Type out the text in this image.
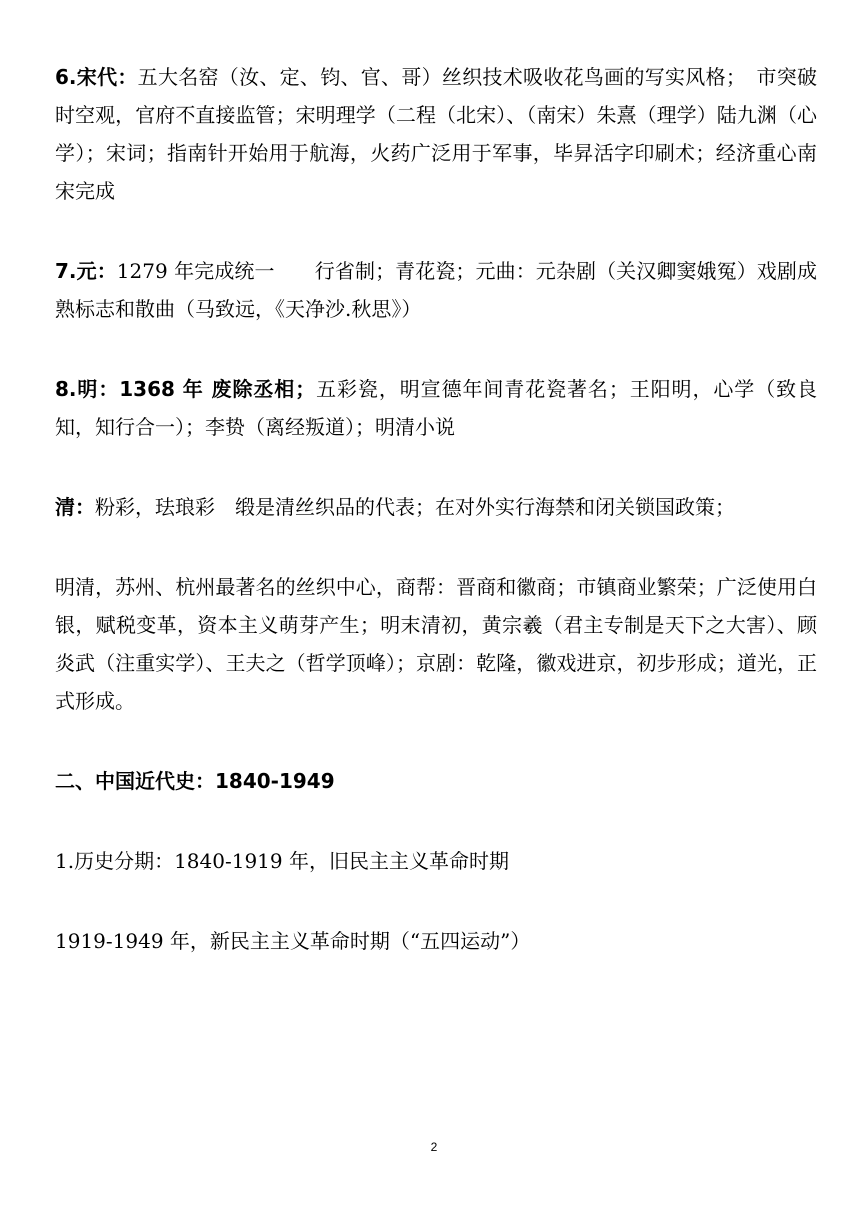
6.宋代：五大名窑（汝、定、钧、官、哥）丝织技术吸收花鸟画的写实风格；　市突破时空观，官府不直接监管；宋明理学（二程（北宋）、（南宋）朱熹（理学）陆九渊（心学）；宋词；指南针开始用于航海，火药广泛用于军事，毕昇活字印刷术；经济重心南宋完成

7.元：1279 年完成统一　　行省制；青花瓷；元曲：元杂剧（关汉卿窦娥冤）戏剧成熟标志和散曲（马致远，《天净沙.秋思》）

8.明：1368 年 废除丞相；五彩瓷，明宣德年间青花瓷著名；王阳明，心学（致良知，知行合一）；李贽（离经叛道）；明清小说

清：粉彩，珐琅彩　缎是清丝织品的代表；在对外实行海禁和闭关锁国政策；

明清，苏州、杭州最著名的丝织中心，商帮：晋商和徽商；市镇商业繁荣；广泛使用白银，赋税变革，资本主义萌芽产生；明末清初，黄宗羲（君主专制是天下之大害）、顾炎武（注重实学）、王夫之（哲学顶峰）；京剧：乾隆，徽戏进京，初步形成；道光，正式形成。

二、中国近代史：1840-1949

1.历史分期：1840-1919 年，旧民主主义革命时期

1919-1949 年，新民主主义革命时期（“五四运动”）

2
